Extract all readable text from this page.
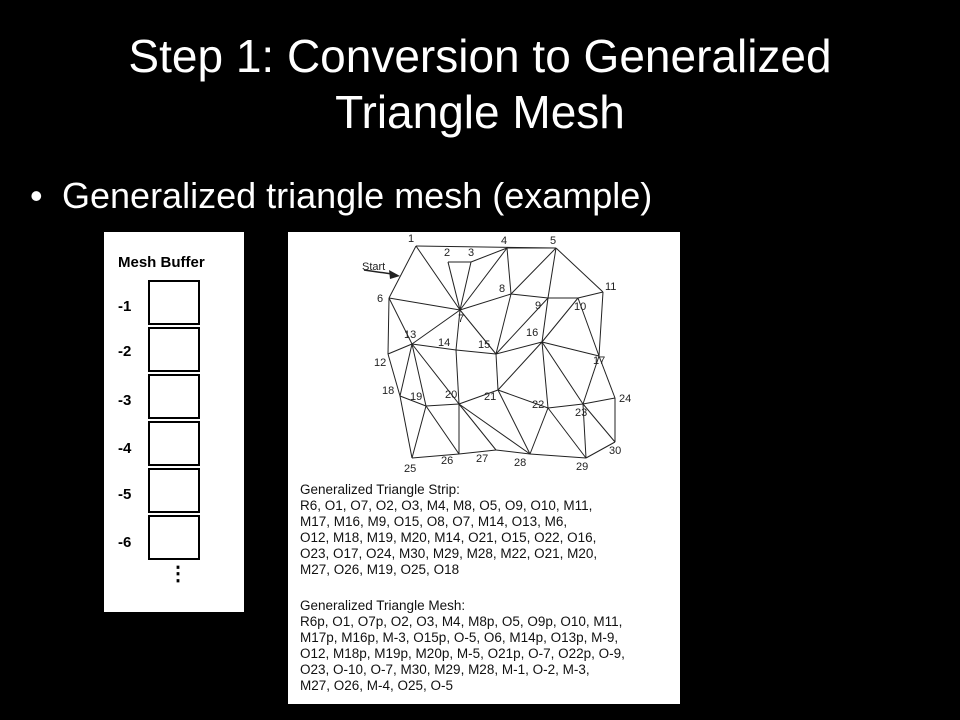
Step 1: Conversion to Generalized
Triangle Mesh
• Generalized triangle mesh (example)
Mesh Buffer
-1
-2
-3
-4
-5
-6
⋮
Start
1
2 3
4	5
6
7
8
9	10
11
12
13
14	15
16
17
18 19 20 21
22
23
24
25
26 27 28	29
30
Generalized Triangle Strip:
R6, O1, O7, O2, O3, M4, M8, O5, O9, O10, M11,
M17, M16, M9, O15, O8, O7, M14, O13, M6,
O12, M18, M19, M20, M14, O21, O15, O22, O16,
O23, O17, O24, M30, M29, M28, M22, O21, M20,
M27, O26, M19, O25, O18
Generalized Triangle Mesh:
R6p, O1, O7p, O2, O3, M4, M8p, O5, O9p, O10, M11,
M17p, M16p, M-3, O15p, O-5, O6, M14p, O13p, M-9,
O12, M18p, M19p, M20p, M-5, O21p, O-7, O22p, O-9,
O23, O-10, O-7, M30, M29, M28, M-1, O-2, M-3,
M27, O26, M-4, O25, O-5
